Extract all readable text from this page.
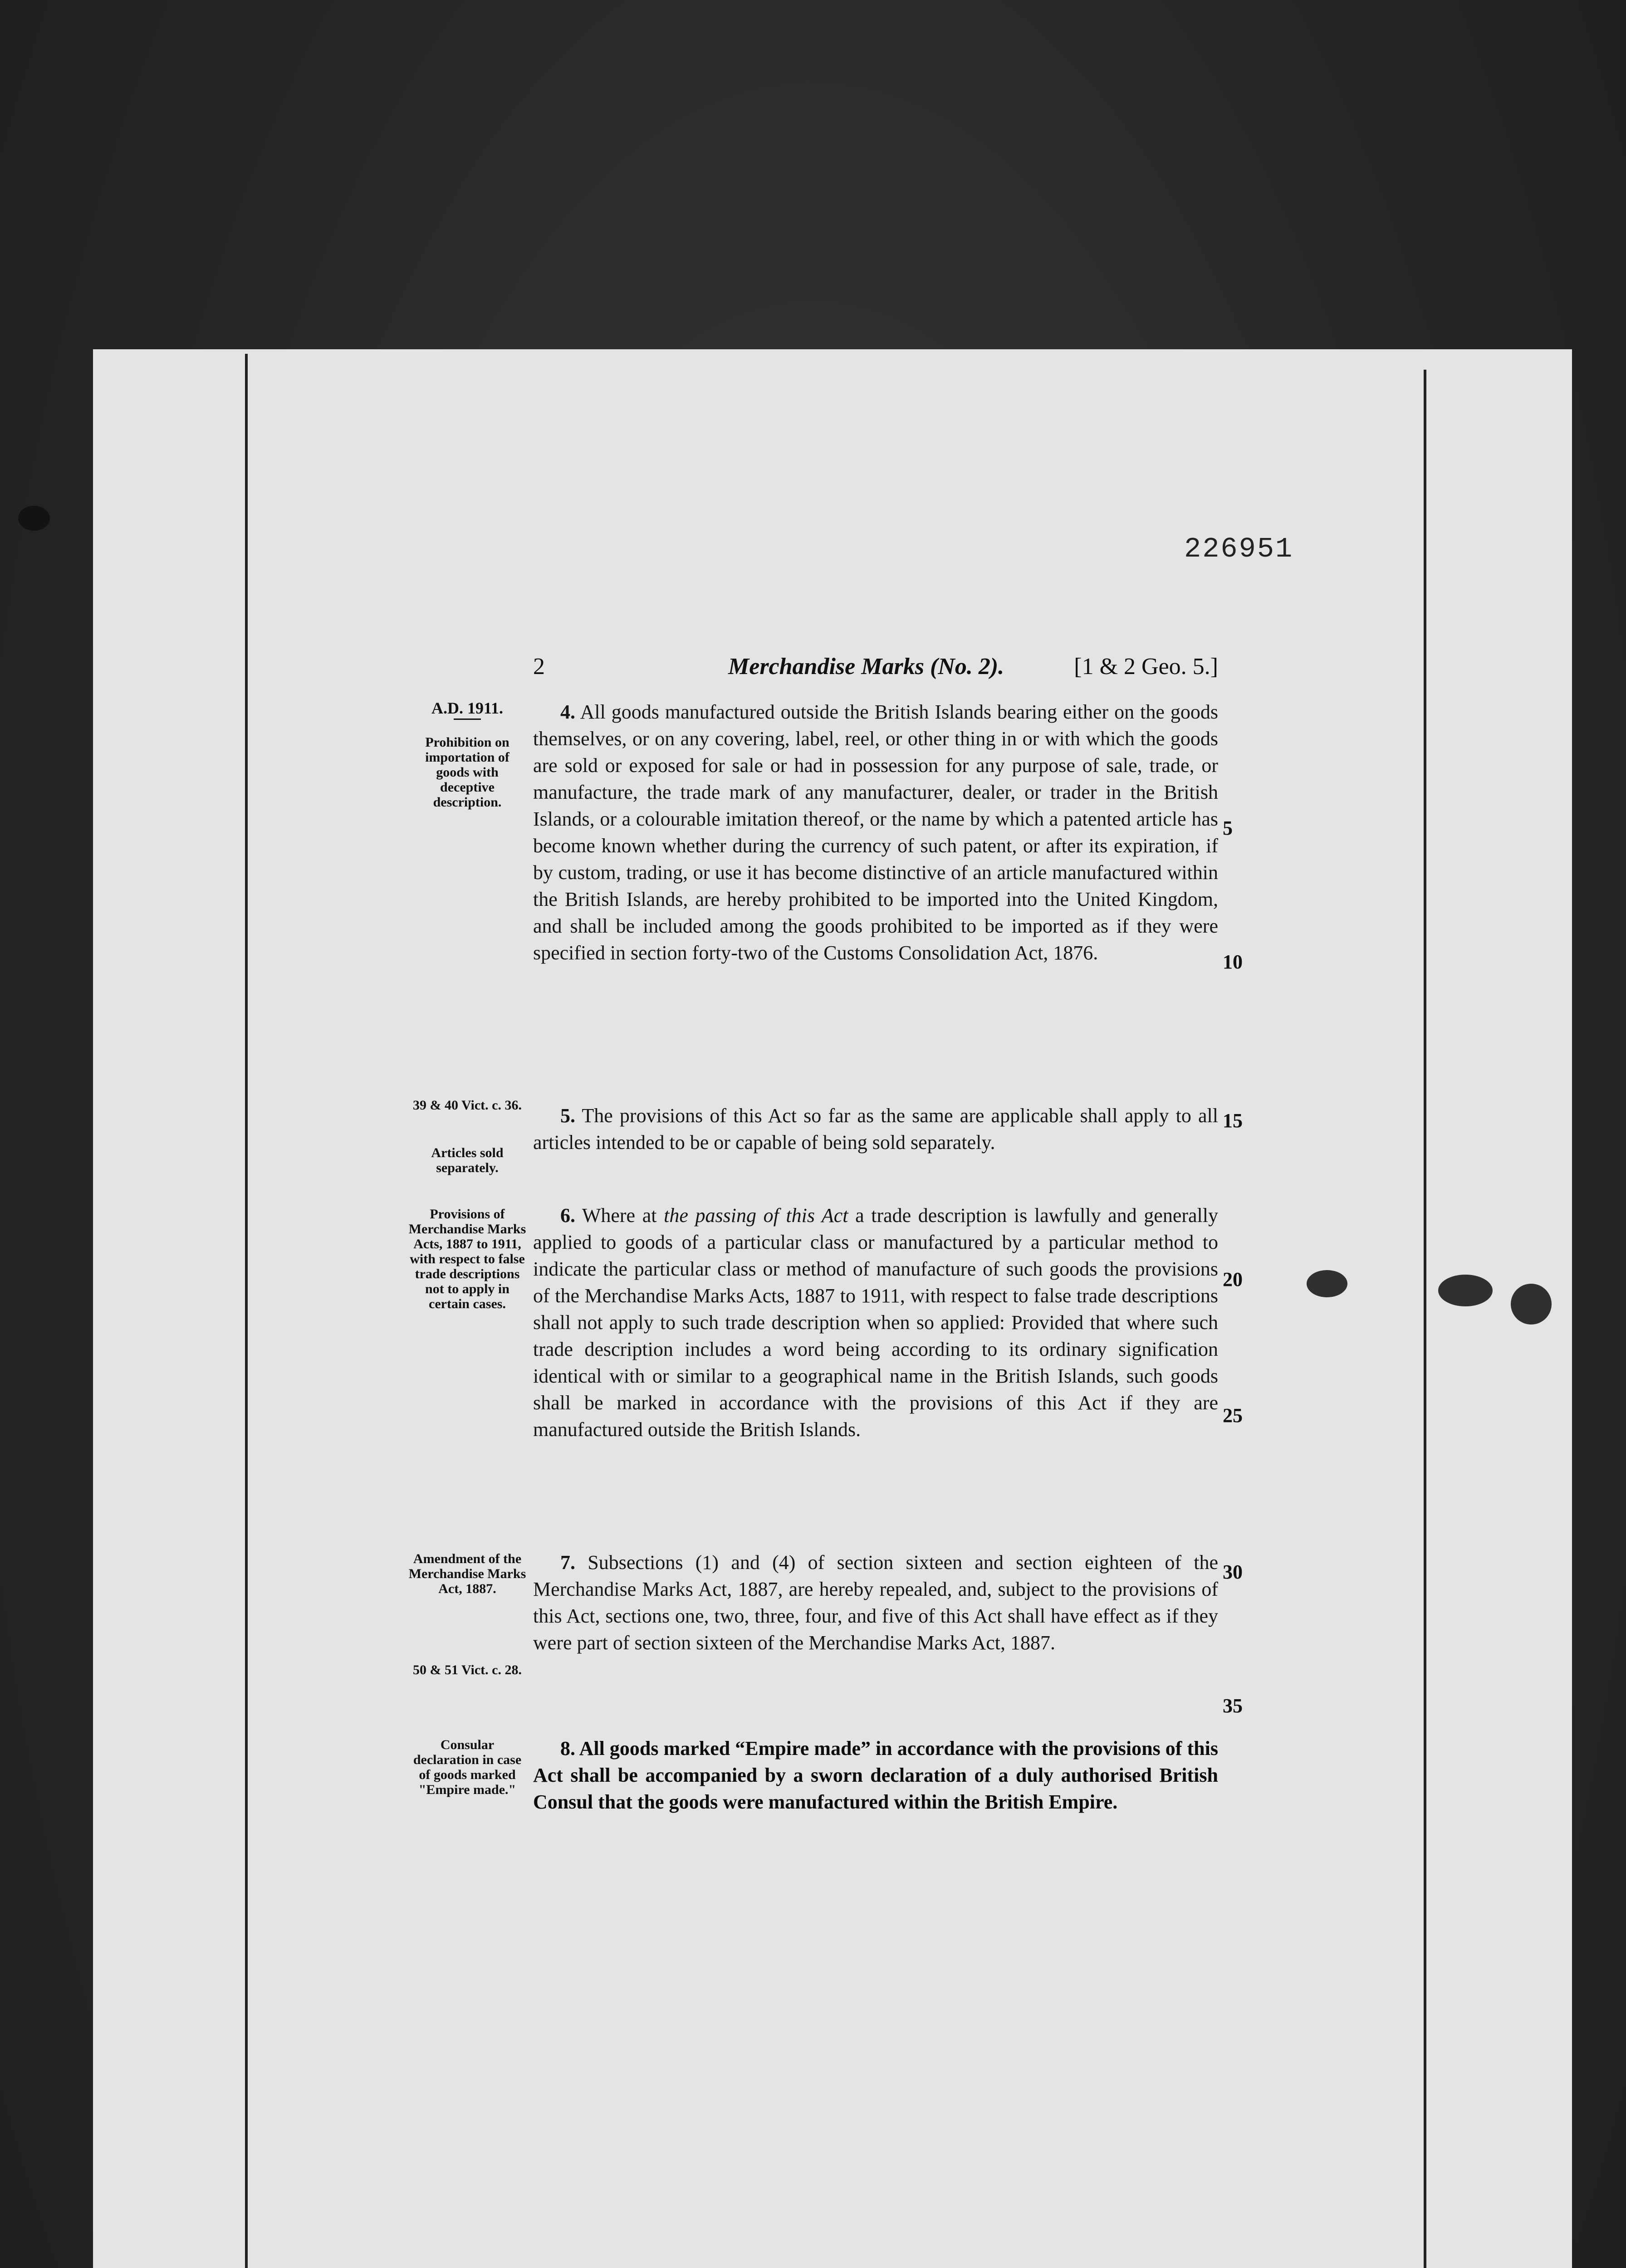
226951
2	Merchandise Marks (No. 2).	[1 & 2 Geo. 5.]
A.D. 1911.
Prohibition on importation of goods with deceptive description.
39 & 40 Vict. c. 36.
Articles sold separately.
Provisions of Merchandise Marks Acts, 1887 to 1911, with respect to false trade descriptions not to apply in certain cases.
Amendment of the Merchandise Marks Act, 1887.
50 & 51 Vict. c. 28.
Consular declaration in case of goods marked "Empire made."
4. All goods manufactured outside the British Islands bearing either on the goods themselves, or on any covering, label, reel, or other thing in or with which the goods are sold or exposed for sale or had in possession for any purpose of sale, trade, or manufacture, the trade mark of any manufacturer, dealer, or trader in the British Islands, or a colourable imitation thereof, or the name by which a patented article has become known whether during the currency of such patent, or after its expiration, if by custom, trading, or use it has become distinctive of an article manufactured within the British Islands, are hereby prohibited to be imported into the United Kingdom, and shall be included among the goods prohibited to be imported as if they were specified in section forty-two of the Customs Consolidation Act, 1876.
5. The provisions of this Act so far as the same are applicable shall apply to all articles intended to be or capable of being sold separately.
6. Where at the passing of this Act a trade description is lawfully and generally applied to goods of a particular class or manufactured by a particular method to indicate the particular class or method of manufacture of such goods the provisions of the Merchandise Marks Acts, 1887 to 1911, with respect to false trade descriptions shall not apply to such trade description when so applied: Provided that where such trade description includes a word being according to its ordinary signification identical with or similar to a geographical name in the British Islands, such goods shall be marked in accordance with the provisions of this Act if they are manufactured outside the British Islands.
7. Subsections (1) and (4) of section sixteen and section eighteen of the Merchandise Marks Act, 1887, are hereby repealed, and, subject to the provisions of this Act, sections one, two, three, four, and five of this Act shall have effect as if they were part of section sixteen of the Merchandise Marks Act, 1887.
8. All goods marked “Empire made” in accordance with the provisions of this Act shall be accompanied by a sworn declaration of a duly authorised British Consul that the goods were manufactured within the British Empire.
5
10
15
20
25
30
35
